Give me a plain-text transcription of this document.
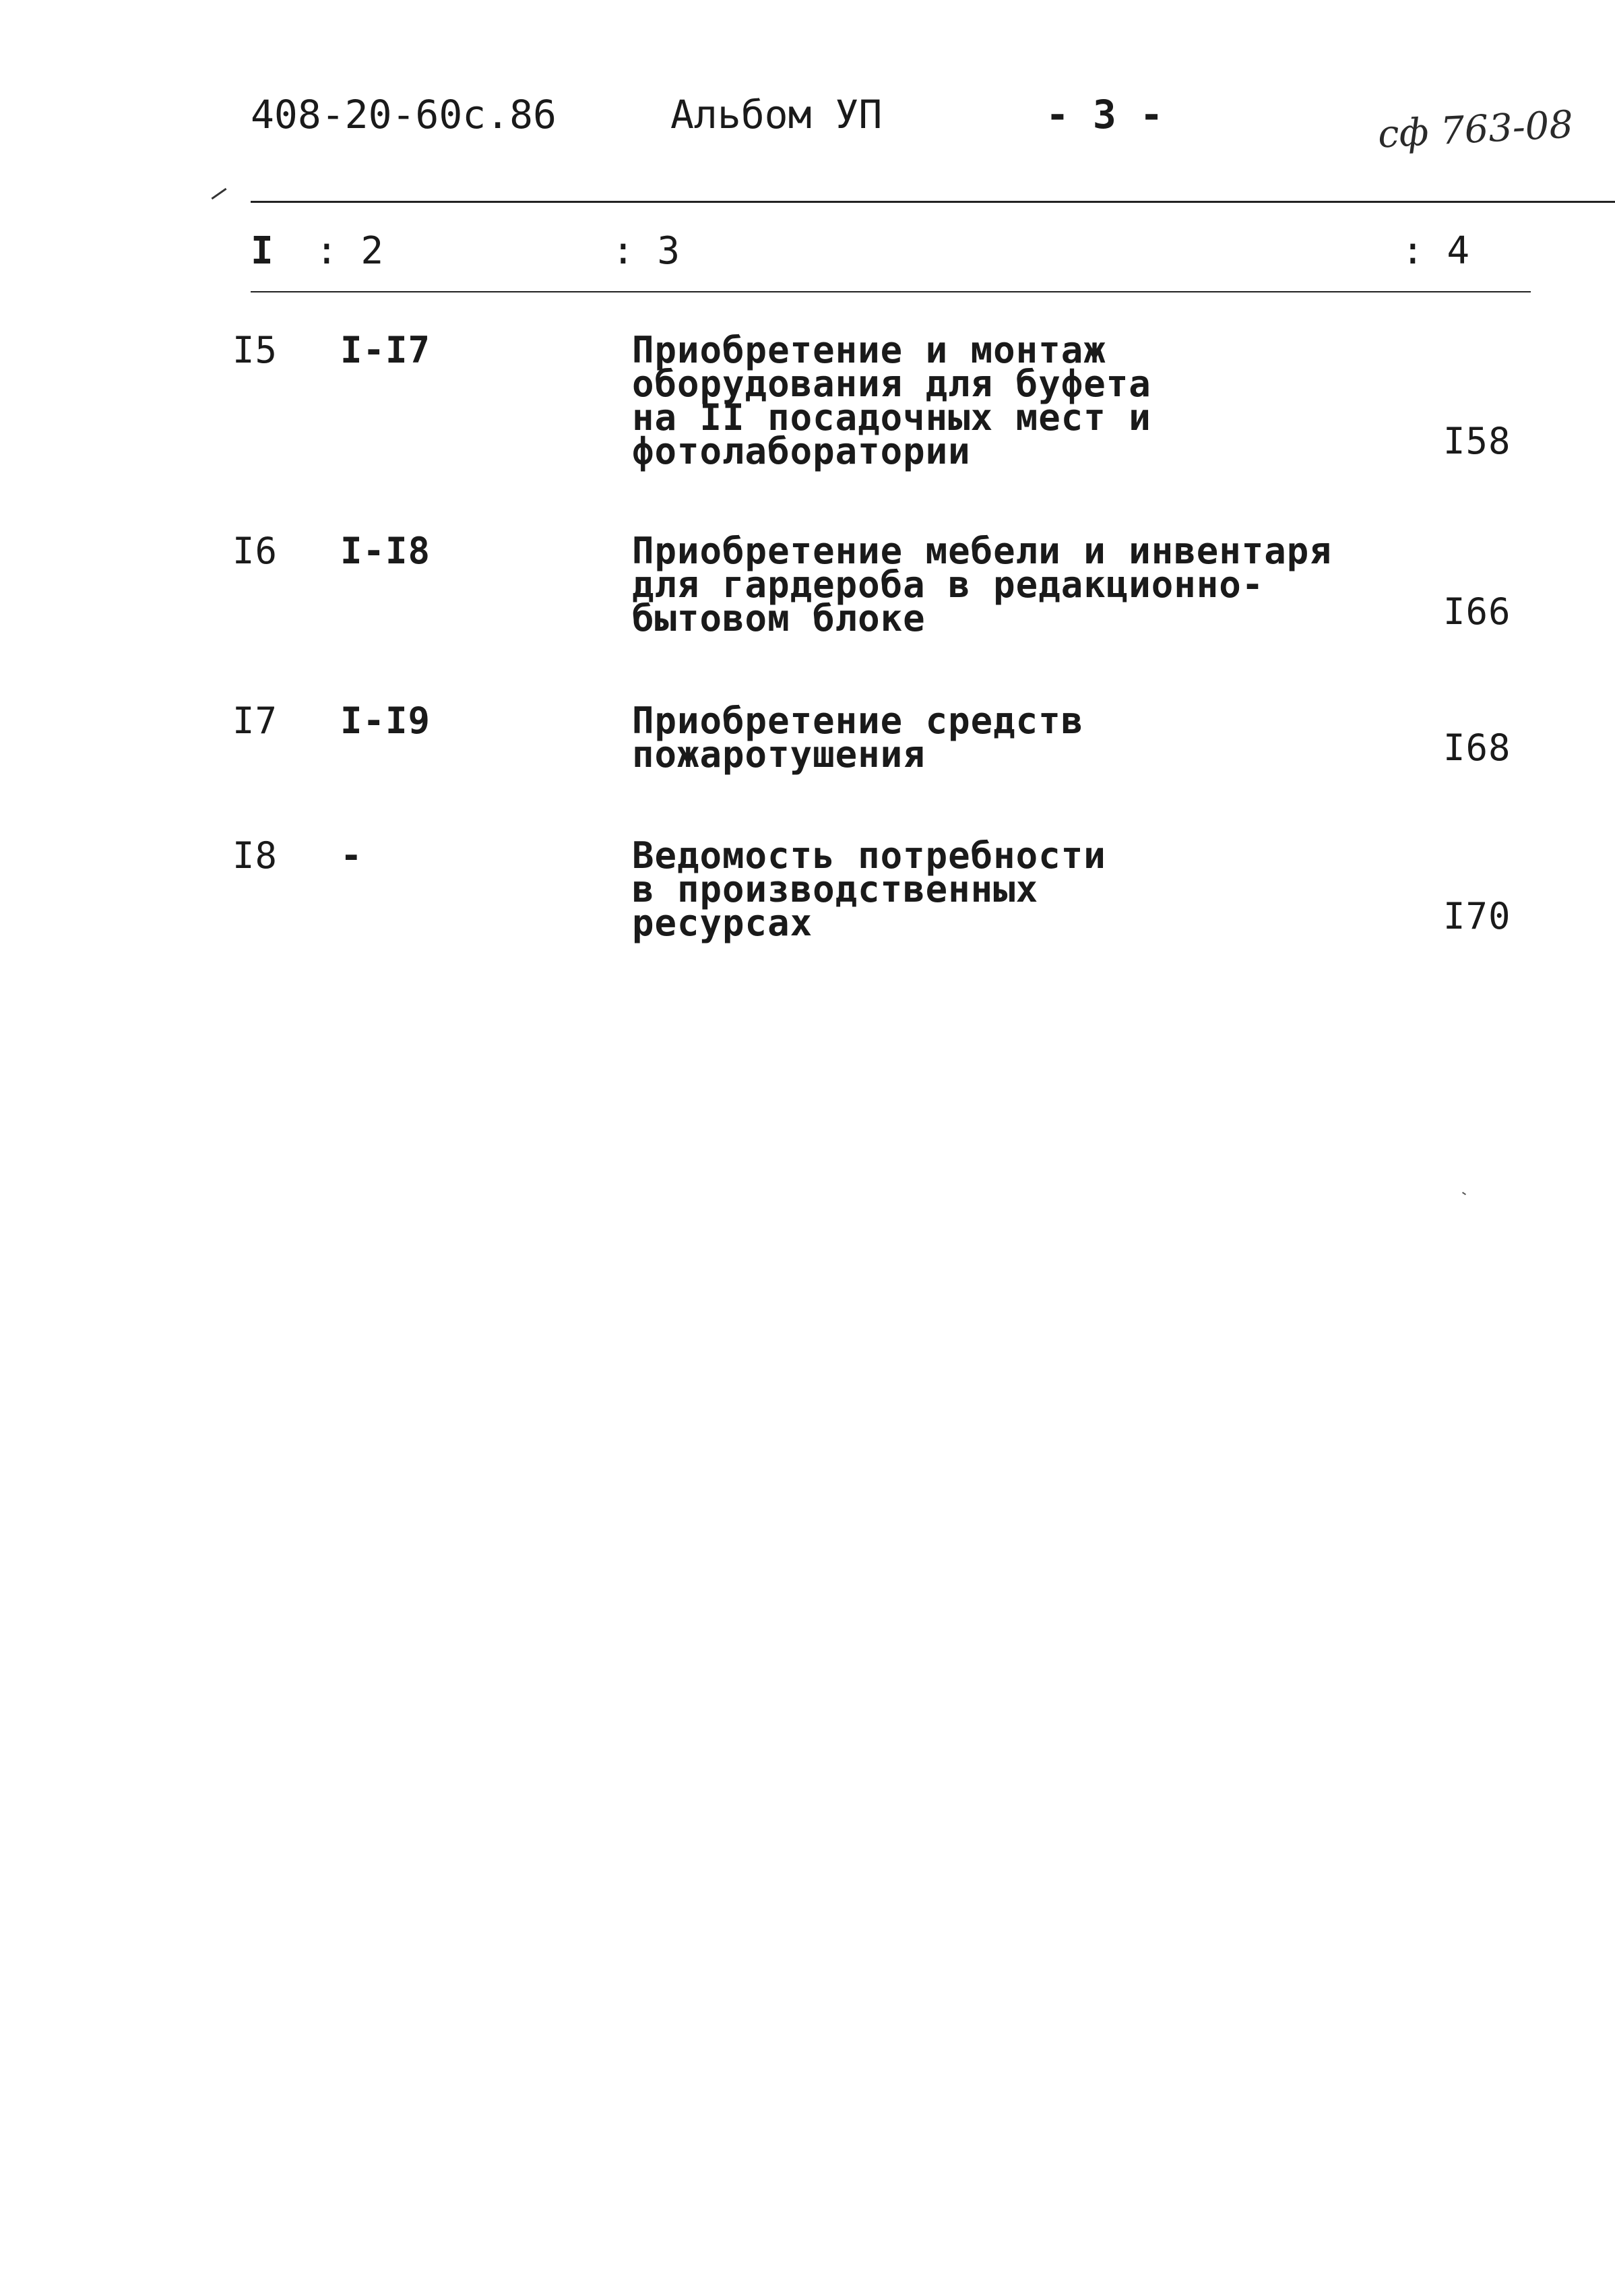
408-20-60с.86	Альбом УП	- 3 -	сф 763-08
I : 2	: 3	: 4
I5 I-I7	Приобретение и монтаж
оборудования для буфета
на II посадочных мест и
фотолаборатории	I58
I6 I-I8	Приобретение мебели и инвентаря
для гардероба в редакционно-
бытовом блоке	I66
I7 I-I9	Приобретение средств
пожаротушения	I68
I8 -	Ведомость потребности
в производственных
ресурсах	I70
